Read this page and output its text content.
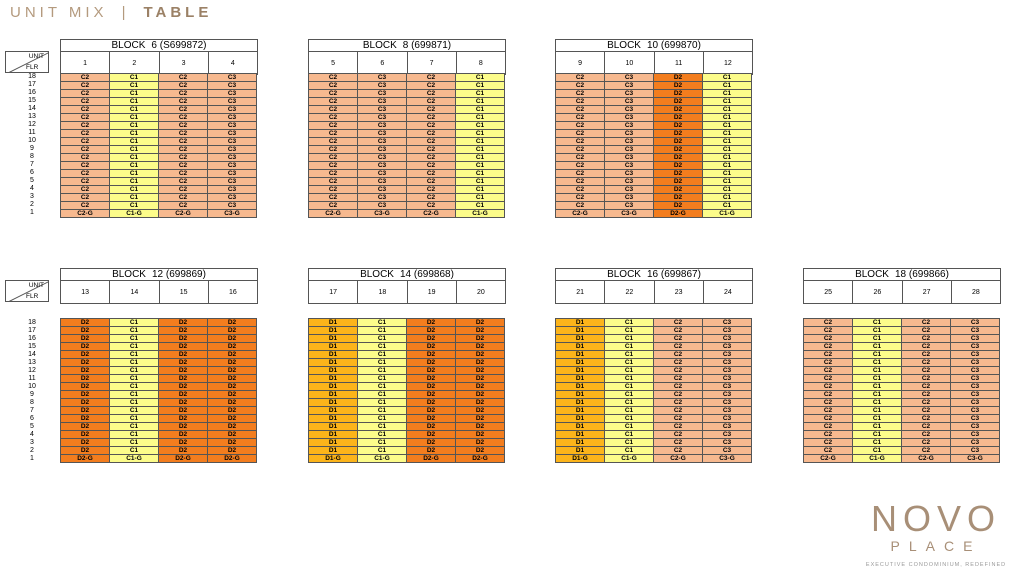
UNIT MIX | TABLE
BLOCK 6 (S699872)
1	2	3	4
C2	C1	C2	C3
C2	C1	C2	C3
C2	C1	C2	C3
C2	C1	C2	C3
C2	C1	C2	C3
C2	C1	C2	C3
C2	C1	C2	C3
C2	C1	C2	C3
C2	C1	C2	C3
C2	C1	C2	C3
C2	C1	C2	C3
C2	C1	C2	C3
C2	C1	C2	C3
C2	C1	C2	C3
C2	C1	C2	C3
C2	C1	C2	C3
C2	C1	C2	C3
C2-G	C1-G	C2-G	C3-G
BLOCK 8 (699871)
5	6	7	8
C2	C3	C2	C1
C2	C3	C2	C1
C2	C3	C2	C1
C2	C3	C2	C1
C2	C3	C2	C1
C2	C3	C2	C1
C2	C3	C2	C1
C2	C3	C2	C1
C2	C3	C2	C1
C2	C3	C2	C1
C2	C3	C2	C1
C2	C3	C2	C1
C2	C3	C2	C1
C2	C3	C2	C1
C2	C3	C2	C1
C2	C3	C2	C1
C2	C3	C2	C1
C2-G	C3-G	C2-G	C1-G
BLOCK 10 (699870)
9	10	11	12
C2	C3	D2	C1
C2	C3	D2	C1
C2	C3	D2	C1
C2	C3	D2	C1
C2	C3	D2	C1
C2	C3	D2	C1
C2	C3	D2	C1
C2	C3	D2	C1
C2	C3	D2	C1
C2	C3	D2	C1
C2	C3	D2	C1
C2	C3	D2	C1
C2	C3	D2	C1
C2	C3	D2	C1
C2	C3	D2	C1
C2	C3	D2	C1
C2	C3	D2	C1
C2-G	C3-G	D2-G	C1-G
BLOCK 12 (699869)
13	14	15	16
D2	C1	D2	D2
D2	C1	D2	D2
D2	C1	D2	D2
D2	C1	D2	D2
D2	C1	D2	D2
D2	C1	D2	D2
D2	C1	D2	D2
D2	C1	D2	D2
D2	C1	D2	D2
D2	C1	D2	D2
D2	C1	D2	D2
D2	C1	D2	D2
D2	C1	D2	D2
D2	C1	D2	D2
D2	C1	D2	D2
D2	C1	D2	D2
D2	C1	D2	D2
D2-G	C1-G	D2-G	D2-G
BLOCK 14 (699868)
17	18	19	20
D1	C1	D2	D2
D1	C1	D2	D2
D1	C1	D2	D2
D1	C1	D2	D2
D1	C1	D2	D2
D1	C1	D2	D2
D1	C1	D2	D2
D1	C1	D2	D2
D1	C1	D2	D2
D1	C1	D2	D2
D1	C1	D2	D2
D1	C1	D2	D2
D1	C1	D2	D2
D1	C1	D2	D2
D1	C1	D2	D2
D1	C1	D2	D2
D1	C1	D2	D2
D1-G	C1-G	D2-G	D2-G
BLOCK 16 (699867)
21	22	23	24
D1	C1	C2	C3
D1	C1	C2	C3
D1	C1	C2	C3
D1	C1	C2	C3
D1	C1	C2	C3
D1	C1	C2	C3
D1	C1	C2	C3
D1	C1	C2	C3
D1	C1	C2	C3
D1	C1	C2	C3
D1	C1	C2	C3
D1	C1	C2	C3
D1	C1	C2	C3
D1	C1	C2	C3
D1	C1	C2	C3
D1	C1	C2	C3
D1	C1	C2	C3
D1-G	C1-G	C2-G	C3-G
BLOCK 18 (699866)
25	26	27	28
C2	C1	C2	C3
C2	C1	C2	C3
C2	C1	C2	C3
C2	C1	C2	C3
C2	C1	C2	C3
C2	C1	C2	C3
C2	C1	C2	C3
C2	C1	C2	C3
C2	C1	C2	C3
C2	C1	C2	C3
C2	C1	C2	C3
C2	C1	C2	C3
C2	C1	C2	C3
C2	C1	C2	C3
C2	C1	C2	C3
C2	C1	C2	C3
C2	C1	C2	C3
C2-G	C1-G	C2-G	C3-G
UNIT
FLR
UNIT
FLR
18
17
16
15
14
13
12
11
10
9
8
7
6
5
4
3
2
1
18
17
16
15
14
13
12
11
10
9
8
7
6
5
4
3
2
1
NOVO
PLACE
EXECUTIVE CONDOMINIUM, REDEFINED
